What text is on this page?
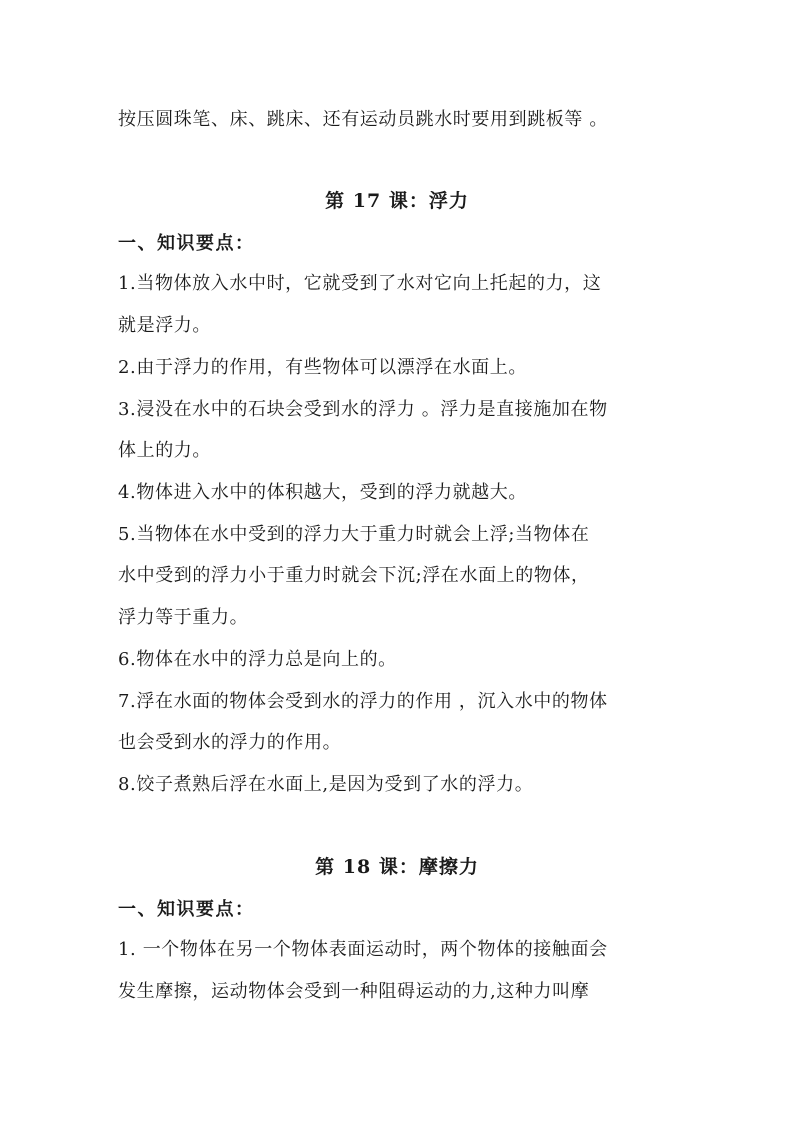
按压圆珠笔、床、跳床、还有运动员跳水时要用到跳板等 。
第 17 课：浮力
一、知识要点：
1.当物体放入水中时，它就受到了水对它向上托起的力，这
就是浮力。
2.由于浮力的作用，有些物体可以漂浮在水面上。
3.浸没在水中的石块会受到水的浮力 。浮力是直接施加在物
体上的力。
4.物体进入水中的体积越大，受到的浮力就越大。
5.当物体在水中受到的浮力大于重力时就会上浮;当物体在
水中受到的浮力小于重力时就会下沉;浮在水面上的物体，
浮力等于重力。
6.物体在水中的浮力总是向上的。
7.浮在水面的物体会受到水的浮力的作用 ，沉入水中的物体
也会受到水的浮力的作用。
8.饺子煮熟后浮在水面上,是因为受到了水的浮力。
第 18 课：摩擦力
一、知识要点：
1. 一个物体在另一个物体表面运动时，两个物体的接触面会
发生摩擦，运动物体会受到一种阻碍运动的力,这种力叫摩
